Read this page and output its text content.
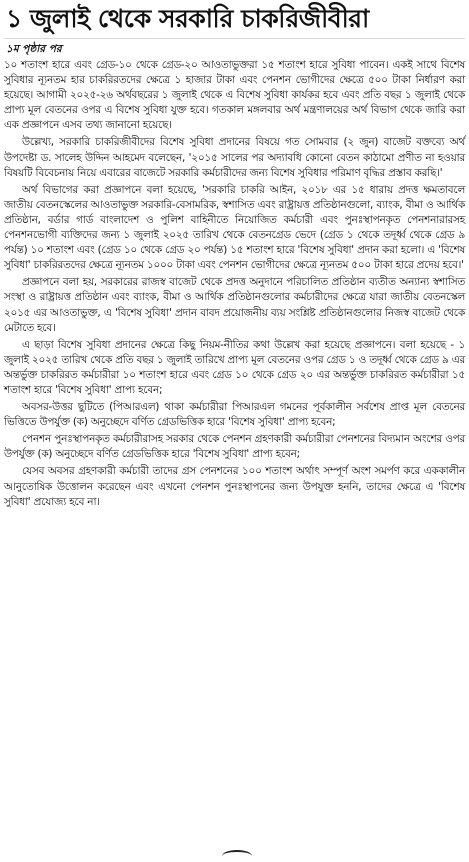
১ জুলাই থেকে সরকারি চাকরিজীবীরা
১ম পৃষ্ঠার পর

১০ শতাংশ হারে এবং গ্রেড-১০ থেকে গ্রেড-২০ আওতাভুক্তরা ১৫ শতাংশ হারে সুবিধা পাবেন। একই সাথে বিশেষ সুবিধার ন্যূনতম হার চাকরিরতদের ক্ষেত্রে ১ হাজার টাকা এবং পেনশন ভোগীদের ক্ষেত্রে ৫০০ টাকা নির্ধারণ করা হয়েছে। আগামী ২০২৫-২৬ অর্থবছরের ১ জুলাই থেকে এ বিশেষ সুবিধা কার্যকর হবে এবং প্রতি বছর ১ জুলাই থেকে প্রাপ্য মূল বেতনের ওপর এ বিশেষ সুবিধা যুক্ত হবে। গতকাল মঙ্গলবার অর্থ মন্ত্রণালয়ের অর্থ বিভাগ থেকে জারি করা এক প্রজ্ঞাপনে এসব তথ্য জানানো হয়েছে।

উল্লেখ্য, সরকারি চাকরিজীবীদের বিশেষ সুবিধা প্রদানের বিষয়ে গত সোমবার (২ জুন) বাজেট বক্তব্যে অর্থ উপদেষ্টা ড. সালেহ উদ্দিন আহমেদ বলেছেন, '২০১৫ সালের পর অদ্যাবধি কোনো বেতন কাঠামো প্রণীত না হওয়ার বিষয়টি বিবেচনায় নিয়ে এবারের বাজেটে সরকারি কর্মচারীদের জন্য বিশেষ সুবিধার পরিমাণ বৃদ্ধির প্রস্তাব করছি।'

অর্থ বিভাগের করা প্রজ্ঞাপনে বলা হয়েছে, 'সরকারি চাকরি আইন, ২০১৮ এর ১৫ ধারায় প্রদত্ত ক্ষমতাবলে জাতীয় বেতনস্কেলের আওতাভুক্ত সরকারি-বেসামরিক, স্বশাসিত এবং রাষ্ট্রায়ত্ত প্রতিষ্ঠানগুলো, ব্যাংক, বীমা ও আর্থিক প্রতিষ্ঠান, বর্ডার গার্ড বাংলাদেশ ও পুলিশ বাহিনীতে নিয়োজিত কর্মচারী এবং পুনঃস্থাপনকৃত পেনশনারারসহ পেনশনভোগী ব্যক্তিদের জন্য ১ জুলাই ২০২৫ তারিখ থেকে বেতনগ্রেড ভেদে (গ্রেড ১ থেকে তদূর্ধ্ব থেকে গ্রেড ৯ পর্যন্ত) ১০ শতাংশ এবং (গ্রেড ১০ থেকে গ্রেড ২০ পর্যন্ত) ১৫ শতাংশ হারে 'বিশেষ সুবিধা' প্রদান করা হলো। এ 'বিশেষ সুবিধা' চাকরিরতদের ক্ষেত্রে ন্যূনতম ১০০০ টাকা এবং পেনশন ভোগীদের ক্ষেত্রে ন্যূনতম ৫০০ টাকা হারে প্রদেয় হবে।'

প্রজ্ঞাপনে বলা হয়, সরকারের রাজস্ব বাজেট থেকে প্রদত্ত অনুদানে পরিচালিত প্রতিষ্ঠান ব্যতীত অন্যান্য স্বশাসিত সংস্থা ও রাষ্ট্রায়ত্ত প্রতিষ্ঠান এবং ব্যাংক, বীমা ও আর্থিক প্রতিষ্ঠানগুলোর কর্মচারীদের ক্ষেত্রে যারা জাতীয় বেতনস্কেল ২০১৫ এর আওতাভুক্ত, এ 'বিশেষ সুবিধা' প্রদান বাবদ প্রয়োজনীয় ব্যয় সংশ্লিষ্ট প্রতিষ্ঠানগুলোর নিজস্ব বাজেট থেকে মেটাতে হবে।

এ ছাড়া বিশেষ সুবিধা প্রদানের ক্ষেত্রে কিছু নিয়ম-নীতির কথা উল্লেখ করা হয়েছে প্রজ্ঞাপনে। বলা হয়েছে - ১ জুলাই ২০২৫ তারিখ থেকে প্রতি বছর ১ জুলাই তারিখে প্রাপ্য মূল বেতনের ওপর গ্রেড ১ ও তদূর্ধ্ব থেকে গ্রেড ৯ এর অন্তর্ভুক্ত চাকরিরত কর্মচারীরা ১০ শতাংশ হারে এবং গ্রেড ১০ থেকে গ্রেড ২০ এর অন্তর্ভুক্ত চাকরিরত কর্মচারীরা ১৫ শতাংশ হারে 'বিশেষ সুবিধা' প্রাপ্য হবেন;

অবসর-উত্তর ছুটিতে (পিআরএল) থাকা কর্মচারীরা পিআরএল গমনের পূর্বকালীন সর্বশেষ প্রাপ্ত মূল বেতনের ভিত্তিতে উপর্যুক্ত (ক) অনুচ্ছেদে বর্ণিত গ্রেডভিত্তিক হারে 'বিশেষ সুবিধা' প্রাপ্য হবেন;

পেনশন পুনঃস্থাপনকৃত কর্মচারীরাসহ সরকার থেকে পেনশন গ্রহণকারী কর্মচারীরা পেনশনের বিদ্যমান অংশের ওপর উপর্যুক্ত (ক) অনুচ্ছেদে বর্ণিত গ্রেডভিত্তিক হারে 'বিশেষ সুবিধা' প্রাপ্য হবেন;

যেসব অবসর গ্রহণকারী কর্মচারী তাদের গ্রস পেনশনের ১০০ শতাংশ অর্থাৎ সম্পূর্ণ অংশ সমর্পণ করে এককালীন আনুতোষিক উত্তোলন করেছেন এবং এখনো পেনশন পুনঃস্থাপনের জন্য উপযুক্ত হননি, তাদের ক্ষেত্রে এ 'বিশেষ সুবিধা' প্রযোজ্য হবে না।
